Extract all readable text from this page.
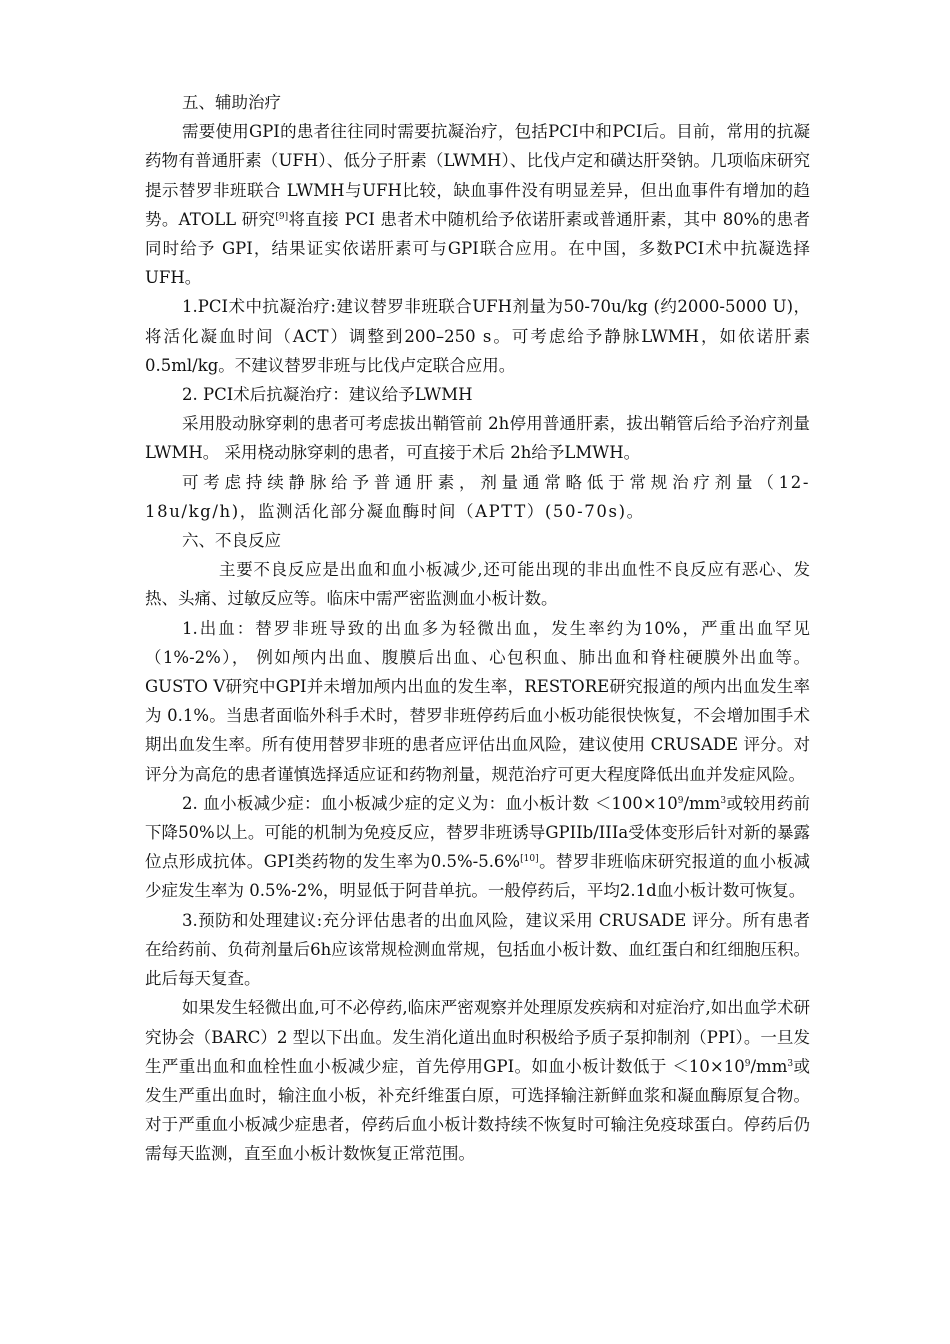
五、辅助治疗

需要使用GPI的患者往往同时需要抗凝治疗，包括PCI中和PCI后。目前，常用的抗凝药物有普通肝素（UFH）、低分子肝素（LWMH）、比伐卢定和磺达肝癸钠。几项临床研究提示替罗非班联合 LWMH与UFH比较，缺血事件没有明显差异，但出血事件有增加的趋势。ATOLL 研究[9]将直接 PCI 患者术中随机给予依诺肝素或普通肝素，其中 80%的患者同时给予 GPI，结果证实依诺肝素可与GPI联合应用。在中国，多数PCI术中抗凝选择UFH。

1.PCI术中抗凝治疗:建议替罗非班联合UFH剂量为50-70u/kg (约2000-5000 U)，将活化凝血时间（ACT）调整到200–250 s。可考虑给予静脉LWMH，如依诺肝素0.5ml/kg。不建议替罗非班与比伐卢定联合应用。

2. PCI术后抗凝治疗：建议给予LWMH

采用股动脉穿刺的患者可考虑拔出鞘管前 2h停用普通肝素，拔出鞘管后给予治疗剂量LWMH。 采用桡动脉穿刺的患者，可直接于术后 2h给予LMWH。

可考虑持续静脉给予普通肝素，剂量通常略低于常规治疗剂量（12-18u/kg/h)，监测活化部分凝血酶时间（APTT）(50-70s)。

六、不良反应

主要不良反应是出血和血小板减少,还可能出现的非出血性不良反应有恶心、发热、头痛、过敏反应等。临床中需严密监测血小板计数。

1.出血：替罗非班导致的出血多为轻微出血，发生率约为10%，严重出血罕见（1%-2%）， 例如颅内出血、腹膜后出血、心包积血、肺出血和脊柱硬膜外出血等。GUSTO Ⅴ研究中GPI并未增加颅内出血的发生率，RESTORE研究报道的颅内出血发生率为 0.1%。当患者面临外科手术时，替罗非班停药后血小板功能很快恢复，不会增加围手术期出血发生率。所有使用替罗非班的患者应评估出血风险，建议使用 CRUSADE 评分。对评分为高危的患者谨慎选择适应证和药物剂量，规范治疗可更大程度降低出血并发症风险。

2. 血小板减少症：血小板减少症的定义为：血小板计数 $<100\times 10^9/mm^3$或较用药前下降50%以上。可能的机制为免疫反应，替罗非班诱导GPIIb/IIIa受体变形后针对新的暴露位点形成抗体。GPI类药物的发生率为0.5%-5.6%[10]。替罗非班临床研究报道的血小板减少症发生率为 0.5%-2%，明显低于阿昔单抗。一般停药后，平均2.1d血小板计数可恢复。

3.预防和处理建议:充分评估患者的出血风险，建议采用 CRUSADE 评分。所有患者在给药前、负荷剂量后6h应该常规检测血常规，包括血小板计数、血红蛋白和红细胞压积。此后每天复查。

如果发生轻微出血,可不必停药,临床严密观察并处理原发疾病和对症治疗,如出血学术研究协会（BARC）2 型以下出血。发生消化道出血时积极给予质子泵抑制剂（PPI）。一旦发生严重出血和血栓性血小板减少症，首先停用GPI。如血小板计数低于 $<10\times 10^9/mm^3$或发生严重出血时，输注血小板，补充纤维蛋白原，可选择输注新鲜血浆和凝血酶原复合物。对于严重血小板减少症患者，停药后血小板计数持续不恢复时可输注免疫球蛋白。停药后仍需每天监测，直至血小板计数恢复正常范围。
